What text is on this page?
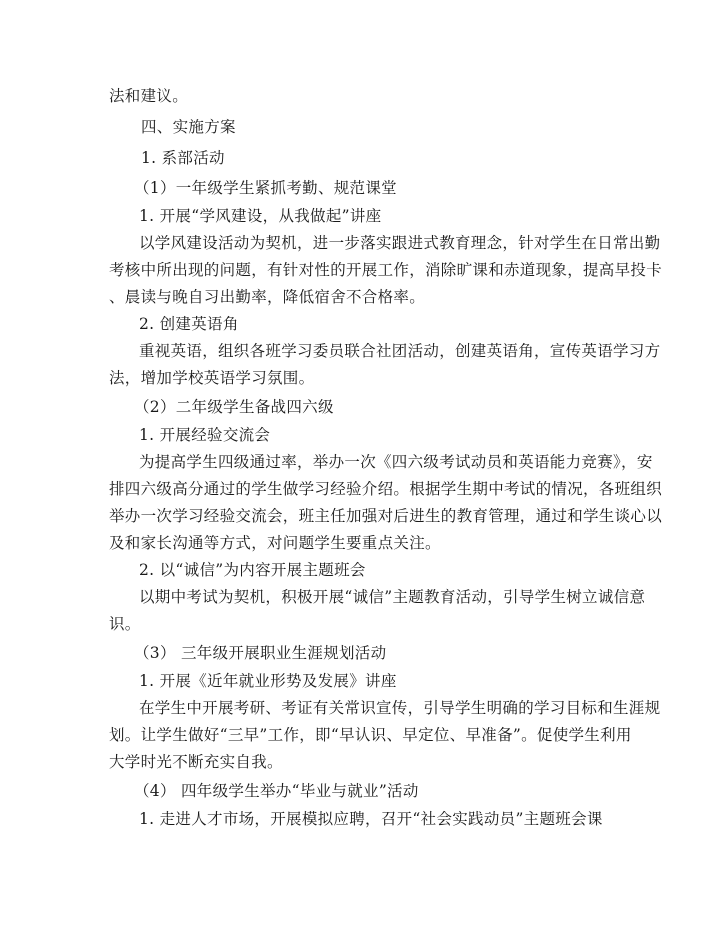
法和建议。
四、实施方案
1. 系部活动
（1）一年级学生紧抓考勤、规范课堂
1. 开展“学风建设，从我做起”讲座
以学风建设活动为契机，进一步落实跟进式教育理念，针对学生在日常出勤
考核中所出现的问题，有针对性的开展工作，消除旷课和赤道现象，提高早投卡
、晨读与晚自习出勤率，降低宿舍不合格率。
2. 创建英语角
重视英语，组织各班学习委员联合社团活动，创建英语角，宣传英语学习方
法，增加学校英语学习氛围。
（2）二年级学生备战四六级
1. 开展经验交流会
为提高学生四级通过率，举办一次《四六级考试动员和英语能力竞赛》，安
排四六级高分通过的学生做学习经验介绍。根据学生期中考试的情况，各班组织
举办一次学习经验交流会，班主任加强对后进生的教育管理，通过和学生谈心以
及和家长沟通等方式，对问题学生要重点关注。
2. 以“诚信”为内容开展主题班会
以期中考试为契机，积极开展“诚信”主题教育活动，引导学生树立诚信意
识。
（3） 三年级开展职业生涯规划活动
1. 开展《近年就业形势及发展》讲座
在学生中开展考研、考证有关常识宣传，引导学生明确的学习目标和生涯规
划。让学生做好“三早”工作，即“早认识、早定位、早准备”。促使学生利用
大学时光不断充实自我。
（4） 四年级学生举办“毕业与就业”活动
1. 走进人才市场，开展模拟应聘，召开“社会实践动员”主题班会课
